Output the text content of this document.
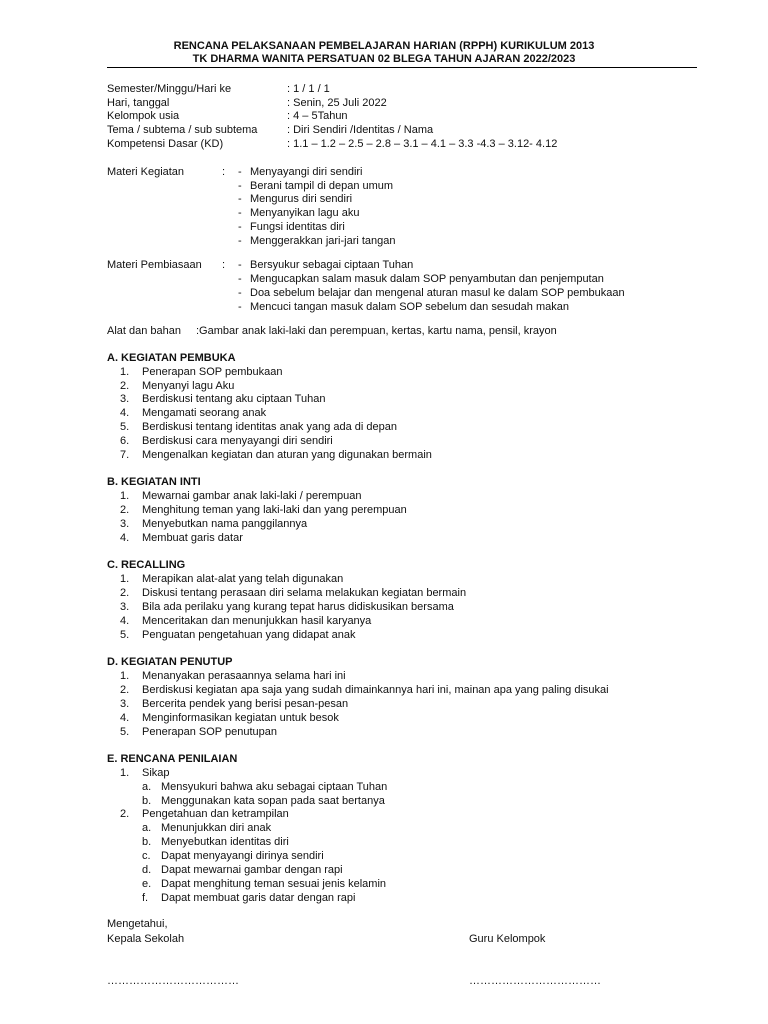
RENCANA PELAKSANAAN PEMBELAJARAN HARIAN (RPPH) KURIKULUM 2013
TK DHARMA WANITA PERSATUAN 02 BLEGA TAHUN AJARAN 2022/2023
Semester/Minggu/Hari ke	: 1 / 1 / 1
Hari, tanggal	: Senin, 25 Juli 2022
Kelompok usia	: 4 – 5Tahun
Tema / subtema / sub subtema	: Diri Sendiri /Identitas / Nama
Kompetensi Dasar (KD)	: 1.1 – 1.2 – 2.5 – 2.8 – 3.1 – 4.1 – 3.3 -4.3 – 3.12- 4.12
Materi Kegiatan	: - Menyayangi diri sendiri
- Berani tampil di depan umum
- Mengurus diri sendiri
- Menyanyikan lagu aku
- Fungsi identitas diri
- Menggerakkan jari-jari tangan
Materi Pembiasaan : - Bersyukur sebagai ciptaan Tuhan
- Mengucapkan salam masuk dalam SOP penyambutan dan penjemputan
- Doa sebelum belajar dan mengenal aturan masul ke dalam SOP pembukaan
- Mencuci tangan masuk dalam SOP sebelum dan sesudah makan
Alat dan bahan :Gambar anak laki-laki dan perempuan, kertas, kartu nama, pensil, krayon
A. KEGIATAN PEMBUKA
1. Penerapan SOP pembukaan
2. Menyanyi lagu Aku
3. Berdiskusi tentang aku ciptaan Tuhan
4. Mengamati seorang anak
5. Berdiskusi tentang identitas anak yang ada di depan
6. Berdiskusi cara menyayangi diri sendiri
7. Mengenalkan kegiatan dan aturan yang digunakan bermain
B. KEGIATAN INTI
1. Mewarnai gambar anak laki-laki / perempuan
2. Menghitung teman yang laki-laki dan yang perempuan
3. Menyebutkan nama panggilannya
4. Membuat garis datar
C. RECALLING
1. Merapikan alat-alat yang telah digunakan
2. Diskusi tentang perasaan diri selama melakukan kegiatan bermain
3. Bila ada perilaku yang kurang tepat harus didiskusikan bersama
4. Menceritakan dan menunjukkan hasil karyanya
5. Penguatan pengetahuan yang didapat anak
D. KEGIATAN PENUTUP
1. Menanyakan perasaannya selama hari ini
2. Berdiskusi kegiatan apa saja yang sudah dimainkannya hari ini, mainan apa yang paling disukai
3. Bercerita pendek yang berisi pesan-pesan
4. Menginformasikan kegiatan untuk besok
5. Penerapan SOP penutupan
E. RENCANA PENILAIAN
1. Sikap
a. Mensyukuri bahwa aku sebagai ciptaan Tuhan
b. Menggunakan kata sopan pada saat bertanya
2. Pengetahuan dan ketrampilan
a. Menunjukkan diri anak
b. Menyebutkan identitas diri
c. Dapat menyayangi dirinya sendiri
d. Dapat mewarnai gambar dengan rapi
e. Dapat menghitung teman sesuai jenis kelamin
f. Dapat membuat garis datar dengan rapi
Mengetahui,
Kepala Sekolah	Guru Kelompok
………………………………	………………………………
